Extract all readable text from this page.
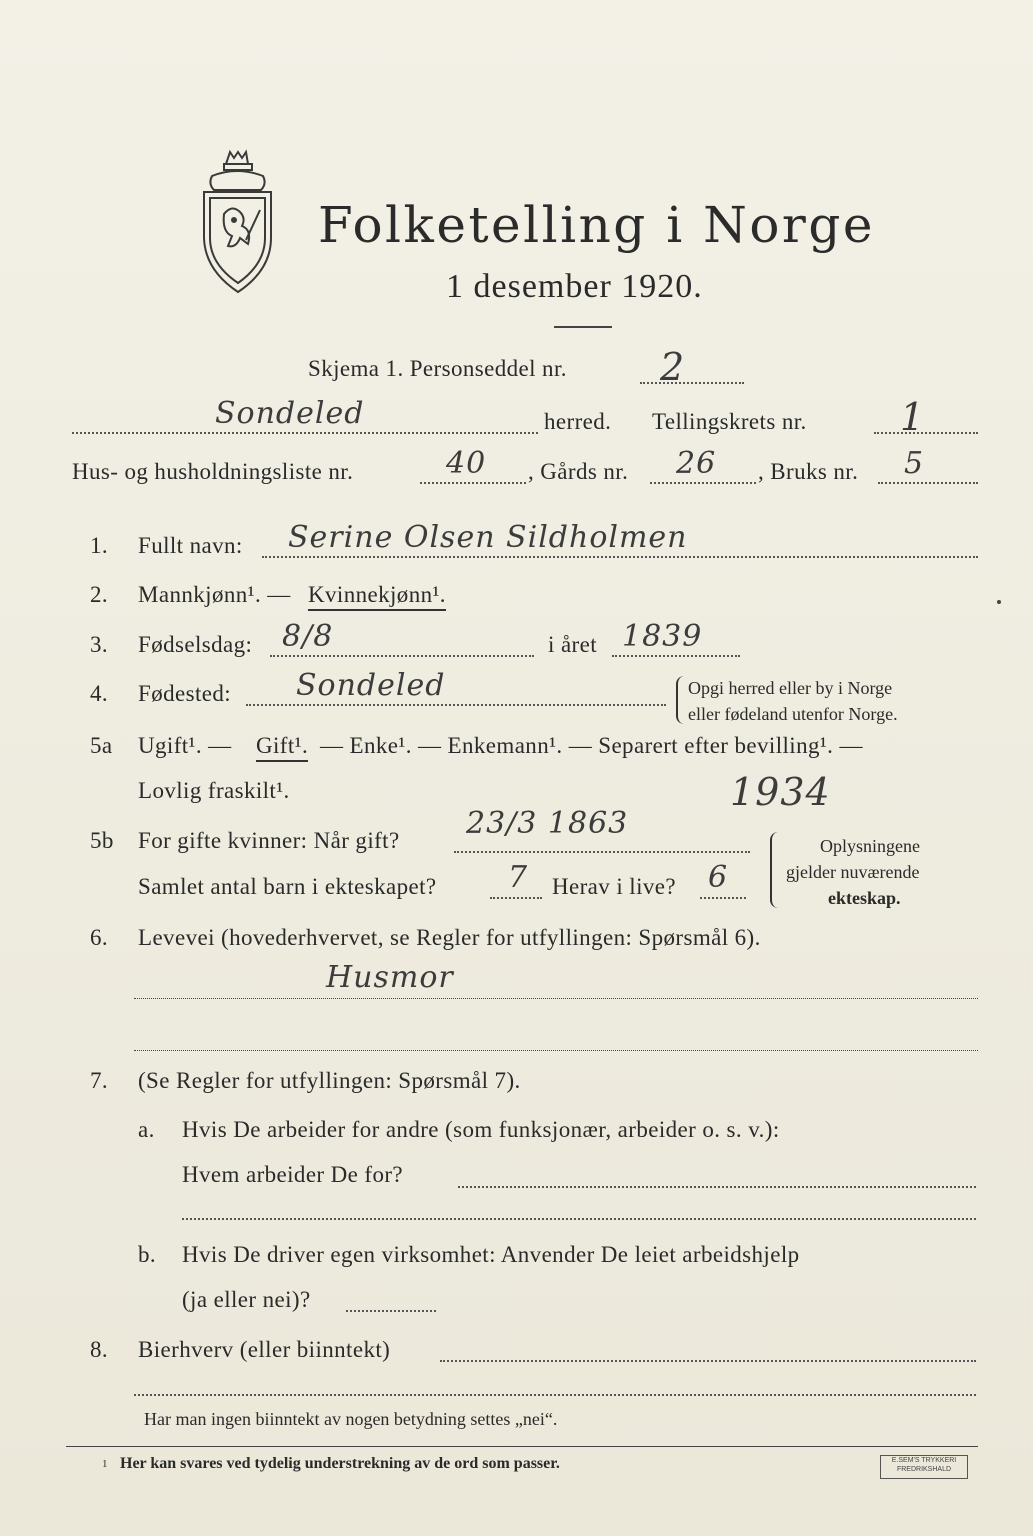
Folketelling i Norge
1 desember 1920.
Skjema 1. Personseddel nr. 2
Sondeled	herred. Tellingskrets nr. 1
Hus- og husholdningsliste nr.	40 , Gårds nr. 26 , Bruks nr. 5
1. Fullt navn: Serine Olsen Sildholmen
2. Mannkjønn¹. — Kvinnekjønn¹.
3. Fødselsdag: 8/8	i året 1839
4. Fødested: Sondeled	Opgi herred eller by i Norge
eller fødeland utenfor Norge.
5a Ugift¹. — Gift¹. — Enke¹. — Enkemann¹. — Separert efter bevilling¹. —
Lovlig fraskilt¹.	1934
5b For gifte kvinner: Når gift? 23/3 1863
Samlet antal barn i ekteskapet? 7 Herav i live? 6
Oplysningene
gjelder nuværende
ekteskap.
6. Levevei (hovederhvervet, se Regler for utfyllingen: Spørsmål 6).
Husmor
7. (Se Regler for utfyllingen: Spørsmål 7).
a. Hvis De arbeider for andre (som funksjonær, arbeider o. s. v.):
Hvem arbeider De for?
b. Hvis De driver egen virksomhet: Anvender De leiet arbeidshjelp
(ja eller nei)?
8. Bierhverv (eller biinntekt)
Har man ingen biinntekt av nogen betydning settes „nei“.
1 Her kan svares ved tydelig understrekning av de ord som passer.	E.SEM'S TRYKKERI
FREDRIKSHALD
